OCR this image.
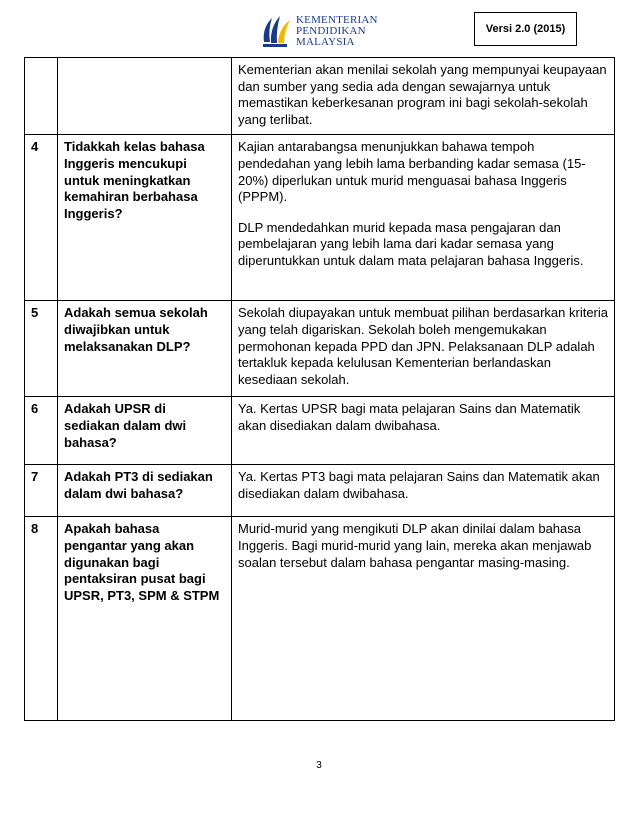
KEMENTERIAN
PENDIDIKAN
MALAYSIA
Versi 2.0 (2015)

		Kementerian akan menilai sekolah yang mempunyai keupayaan dan sumber yang sedia ada dengan sewajarnya untuk memastikan keberkesanan program ini bagi sekolah-sekolah yang terlibat.

4	Tidakkah kelas bahasa Inggeris mencukupi untuk meningkatkan kemahiran berbahasa Inggeris?	Kajian antarabangsa menunjukkan bahawa tempoh pendedahan yang lebih lama berbanding kadar semasa (15-20%) diperlukan untuk murid menguasai bahasa Inggeris (PPPM).

DLP mendedahkan murid kepada masa pengajaran dan pembelajaran yang lebih lama dari kadar semasa yang diperuntukkan untuk dalam mata pelajaran bahasa Inggeris.

5	Adakah semua sekolah diwajibkan untuk melaksanakan DLP?	Sekolah diupayakan untuk membuat pilihan berdasarkan kriteria yang telah digariskan. Sekolah boleh mengemukakan permohonan kepada PPD dan JPN. Pelaksanaan DLP adalah tertakluk kepada kelulusan Kementerian berlandaskan kesediaan sekolah.

6	Adakah UPSR di sediakan dalam dwi bahasa?	Ya. Kertas UPSR bagi mata pelajaran Sains dan Matematik akan disediakan dalam dwibahasa.

7	Adakah PT3 di sediakan dalam dwi bahasa?	Ya. Kertas PT3 bagi mata pelajaran Sains dan Matematik akan disediakan dalam dwibahasa.

8	Apakah bahasa pengantar yang akan digunakan bagi pentaksiran pusat bagi UPSR, PT3, SPM & STPM	Murid-murid yang mengikuti DLP akan dinilai dalam bahasa Inggeris. Bagi murid-murid yang lain, mereka akan menjawab soalan tersebut dalam bahasa pengantar masing-masing.

3
